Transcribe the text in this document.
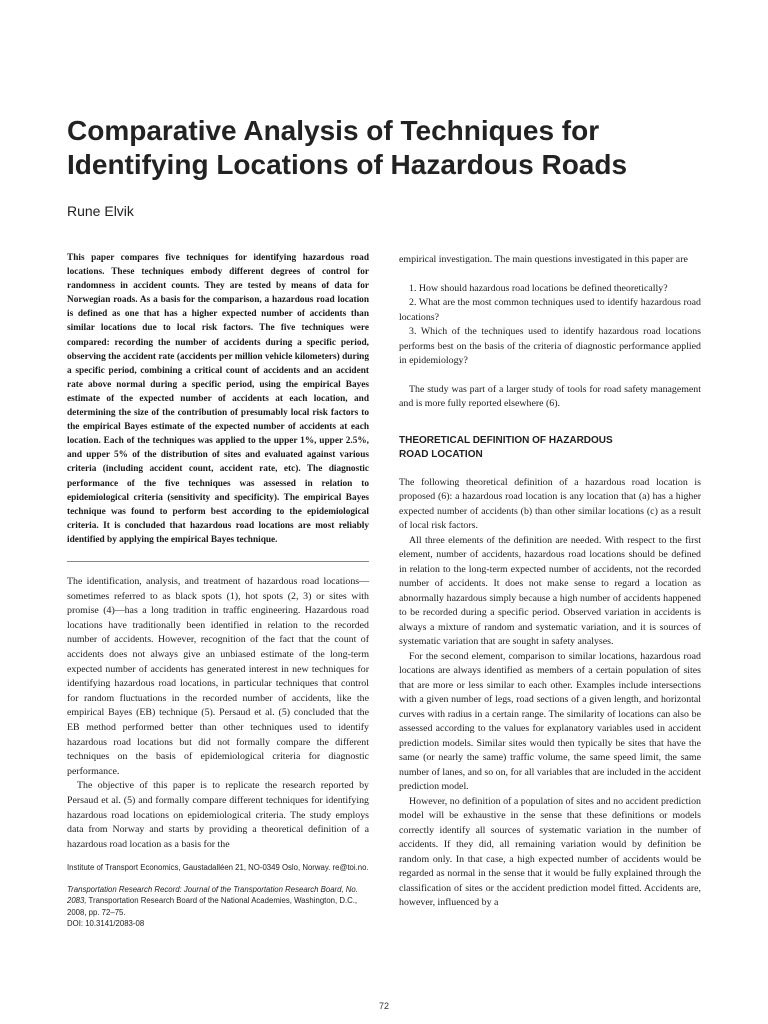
Comparative Analysis of Techniques for Identifying Locations of Hazardous Roads
Rune Elvik
This paper compares five techniques for identifying hazardous road locations. These techniques embody different degrees of control for randomness in accident counts. They are tested by means of data for Norwegian roads. As a basis for the comparison, a hazardous road location is defined as one that has a higher expected number of accidents than similar locations due to local risk factors. The five techniques were compared: recording the number of accidents during a specific period, observing the accident rate (accidents per million vehicle kilometers) during a specific period, combining a critical count of accidents and an accident rate above normal during a specific period, using the empirical Bayes estimate of the expected number of accidents at each location, and determining the size of the contribution of presumably local risk factors to the empirical Bayes estimate of the expected number of accidents at each location. Each of the techniques was applied to the upper 1%, upper 2.5%, and upper 5% of the distribution of sites and evaluated against various criteria (including accident count, accident rate, etc). The diagnostic performance of the five techniques was assessed in relation to epidemiological criteria (sensitivity and specificity). The empirical Bayes technique was found to perform best according to the epidemiological criteria. It is concluded that hazardous road locations are most reliably identified by applying the empirical Bayes technique.

The identification, analysis, and treatment of hazardous road locations—sometimes referred to as black spots (1), hot spots (2, 3) or sites with promise (4)—has a long tradition in traffic engineering. Hazardous road locations have traditionally been identified in relation to the recorded number of accidents. However, recognition of the fact that the count of accidents does not always give an unbiased estimate of the long-term expected number of accidents has generated interest in new techniques for identifying hazardous road locations, in particular techniques that control for random fluctuations in the recorded number of accidents, like the empirical Bayes (EB) technique (5). Persaud et al. (5) concluded that the EB method performed better than other techniques used to identify hazardous road locations but did not formally compare the different techniques on the basis of epidemiological criteria for diagnostic performance.

The objective of this paper is to replicate the research reported by Persaud et al. (5) and formally compare different techniques for identifying hazardous road locations on epidemiological criteria. The study employs data from Norway and starts by providing a theoretical definition of a hazardous road location as a basis for the

Institute of Transport Economics, Gaustadalléen 21, NO-0349 Oslo, Norway. re@toi.no.
Transportation Research Record: Journal of the Transportation Research Board, No. 2083, Transportation Research Board of the National Academies, Washington, D.C., 2008, pp. 72–75.
DOI: 10.3141/2083-08

empirical investigation. The main questions investigated in this paper are

1. How should hazardous road locations be defined theoretically?

2. What are the most common techniques used to identify hazardous road locations?

3. Which of the techniques used to identify hazardous road locations performs best on the basis of the criteria of diagnostic performance applied in epidemiology?

The study was part of a larger study of tools for road safety management and is more fully reported elsewhere (6).

THEORETICAL DEFINITION OF HAZARDOUS
ROAD LOCATION

The following theoretical definition of a hazardous road location is proposed (6): a hazardous road location is any location that (a) has a higher expected number of accidents (b) than other similar locations (c) as a result of local risk factors.

All three elements of the definition are needed. With respect to the first element, number of accidents, hazardous road locations should be defined in relation to the long-term expected number of accidents, not the recorded number of accidents. It does not make sense to regard a location as abnormally hazardous simply because a high number of accidents happened to be recorded during a specific period. Observed variation in accidents is always a mixture of random and systematic variation, and it is sources of systematic variation that are sought in safety analyses.

For the second element, comparison to similar locations, hazardous road locations are always identified as members of a certain population of sites that are more or less similar to each other. Examples include intersections with a given number of legs, road sections of a given length, and horizontal curves with radius in a certain range. The similarity of locations can also be assessed according to the values for explanatory variables used in accident prediction models. Similar sites would then typically be sites that have the same (or nearly the same) traffic volume, the same speed limit, the same number of lanes, and so on, for all variables that are included in the accident prediction model.

However, no definition of a population of sites and no accident prediction model will be exhaustive in the sense that these definitions or models correctly identify all sources of systematic variation in the number of accidents. If they did, all remaining variation would by definition be random only. In that case, a high expected number of accidents would be regarded as normal in the sense that it would be fully explained through the classification of sites or the accident prediction model fitted. Accidents are, however, influenced by a

72
